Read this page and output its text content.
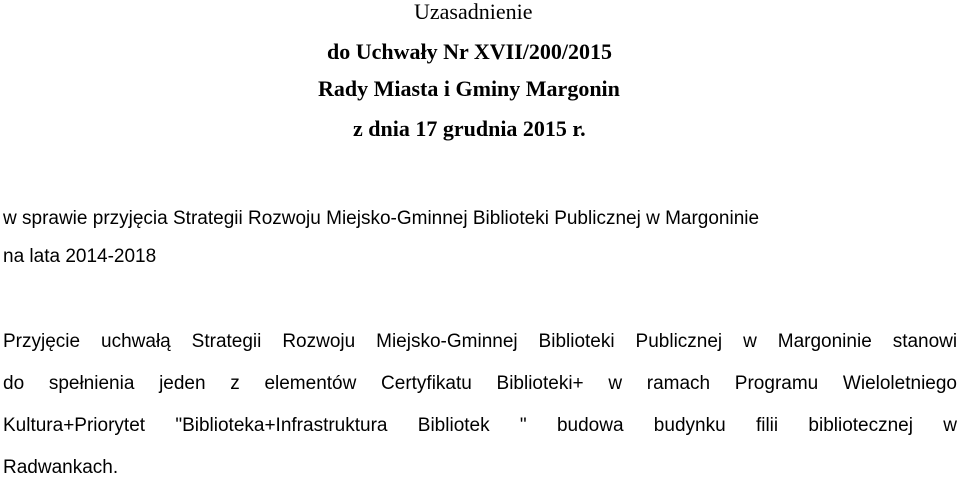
Uzasadnienie
do Uchwały Nr XVII/200/2015
Rady Miasta i Gminy Margonin
z dnia 17 grudnia 2015 r.
w sprawie przyjęcia Strategii Rozwoju Miejsko-Gminnej Biblioteki Publicznej w Margoninie
na lata 2014-2018
Przyjęcie uchwałą Strategii Rozwoju Miejsko-Gminnej Biblioteki Publicznej w Margoninie stanowi
do spełnienia jeden z elementów Certyfikatu Biblioteki+ w ramach Programu Wieloletniego
Kultura+Priorytet "Biblioteka+Infrastruktura Bibliotek " budowa budynku filii bibliotecznej w
Radwankach.
